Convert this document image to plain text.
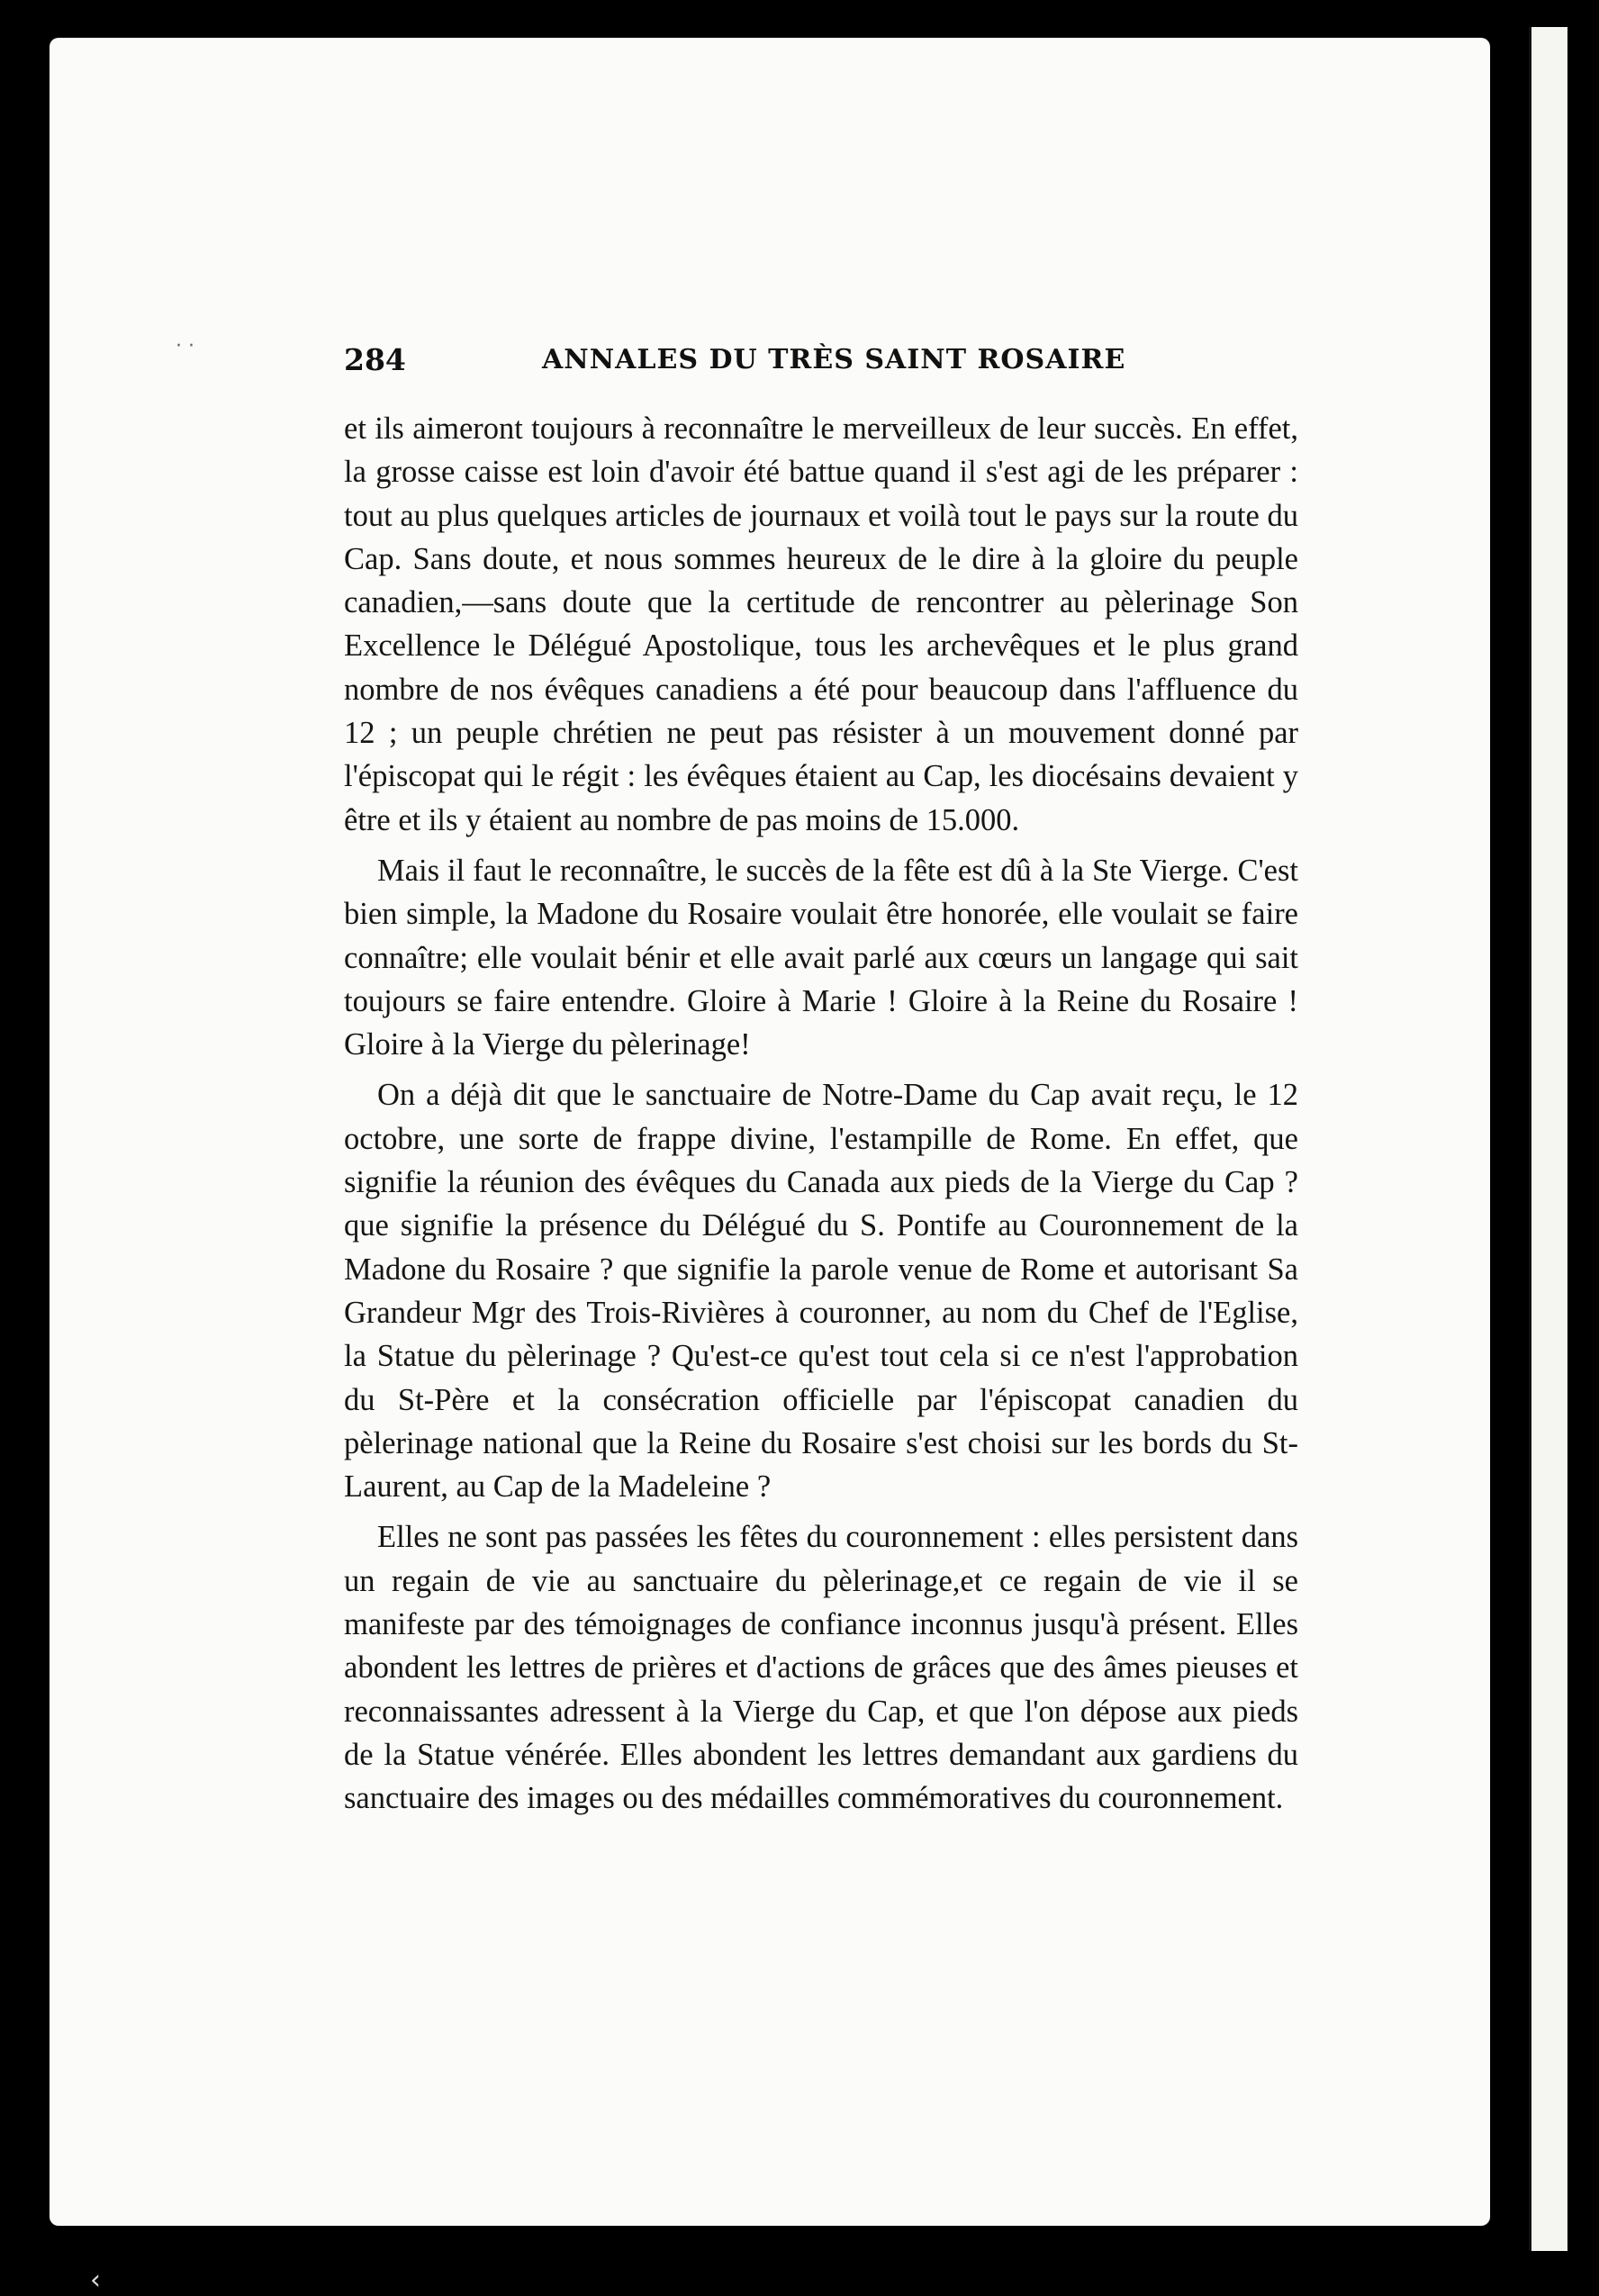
· ·	284	ANNALES DU TRÈS SAINT ROSAIRE

et ils aimeront toujours à reconnaître le merveilleux de leur succès. En effet, la grosse caisse est loin d'avoir été battue quand il s'est agi de les préparer : tout au plus quelques articles de journaux et voilà tout le pays sur la route du Cap. Sans doute, et nous sommes heureux de le dire à la gloire du peuple canadien,—sans doute que la certitude de rencontrer au pèlerinage Son Excellence le Délégué Apostolique, tous les archevêques et le plus grand nombre de nos évêques canadiens a été pour beaucoup dans l'affluence du 12 ; un peuple chrétien ne peut pas résister à un mouvement donné par l'épiscopat qui le régit : les évêques étaient au Cap, les diocésains devaient y être et ils y étaient au nombre de pas moins de 15.000.

Mais il faut le reconnaître, le succès de la fête est dû à la Ste Vierge. C'est bien simple, la Madone du Rosaire voulait être honorée, elle voulait se faire connaître; elle voulait bénir et elle avait parlé aux cœurs un langage qui sait toujours se faire entendre. Gloire à Marie ! Gloire à la Reine du Rosaire ! Gloire à la Vierge du pèlerinage!

On a déjà dit que le sanctuaire de Notre-Dame du Cap avait reçu, le 12 octobre, une sorte de frappe divine, l'estampille de Rome. En effet, que signifie la réunion des évêques du Canada aux pieds de la Vierge du Cap ? que signifie la présence du Délégué du S. Pontife au Couronnement de la Madone du Rosaire ? que signifie la parole venue de Rome et autorisant Sa Grandeur Mgr des Trois-Rivières à couronner, au nom du Chef de l'Eglise, la Statue du pèlerinage ? Qu'est-ce qu'est tout cela si ce n'est l'approbation du St-Père et la consécration officielle par l'épiscopat canadien du pèlerinage national que la Reine du Rosaire s'est choisi sur les bords du St-Laurent, au Cap de la Madeleine ?

Elles ne sont pas passées les fêtes du couronnement : elles persistent dans un regain de vie au sanctuaire du pèlerinage,et ce regain de vie il se manifeste par des témoignages de confiance inconnus jusqu'à présent. Elles abondent les lettres de prières et d'actions de grâces que des âmes pieuses et reconnaissantes adressent à la Vierge du Cap, et que l'on dépose aux pieds de la Statue vénérée. Elles abondent les lettres demandant aux gardiens du sanctuaire des images ou des médailles commémoratives du couronnement.

‹
